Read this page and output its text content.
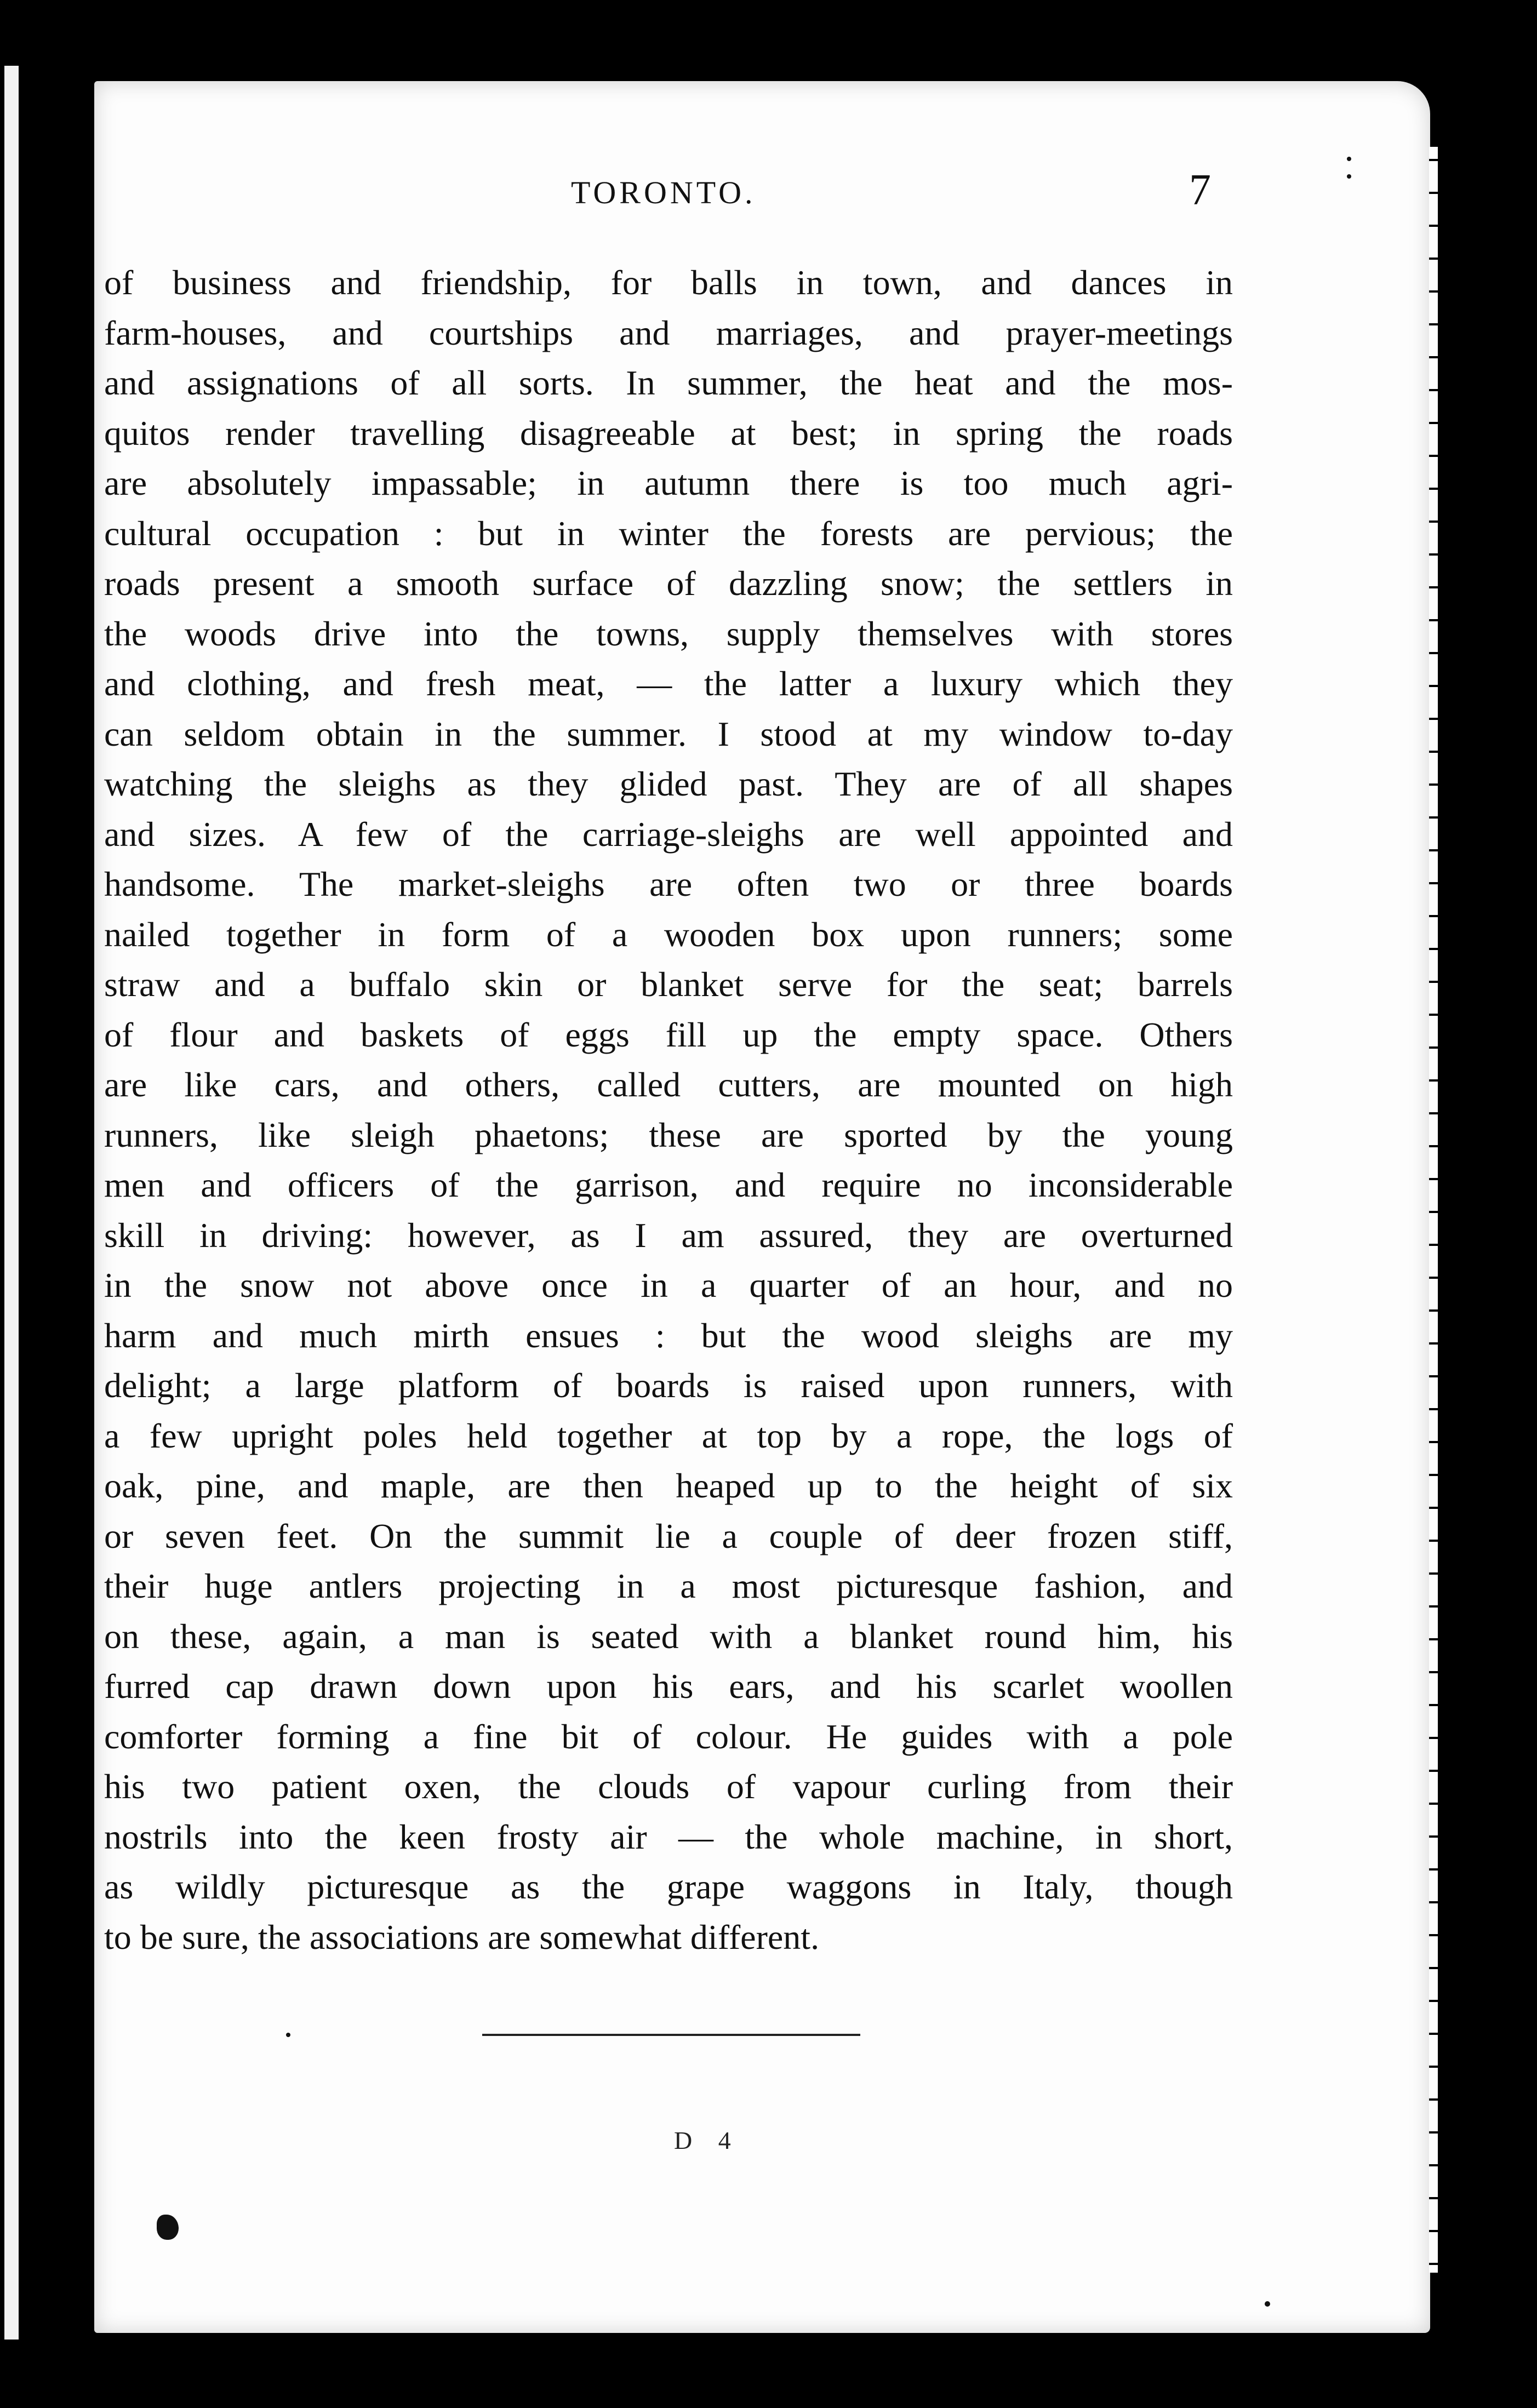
TORONTO.	7
of business and friendship, for balls in town, and dances in
farm-houses, and courtships and marriages, and prayer-meetings
and assignations of all sorts. In summer, the heat and the mos-
quitos render travelling disagreeable at best; in spring the roads
are absolutely impassable; in autumn there is too much agri-
cultural occupation : but in winter the forests are pervious; the
roads present a smooth surface of dazzling snow; the settlers in
the woods drive into the towns, supply themselves with stores
and clothing, and fresh meat, — the latter a luxury which they
can seldom obtain in the summer. I stood at my window to-day
watching the sleighs as they glided past. They are of all shapes
and sizes. A few of the carriage-sleighs are well appointed and
handsome. The market-sleighs are often two or three boards
nailed together in form of a wooden box upon runners; some
straw and a buffalo skin or blanket serve for the seat; barrels
of flour and baskets of eggs fill up the empty space. Others
are like cars, and others, called cutters, are mounted on high
runners, like sleigh phaetons; these are sported by the young
men and officers of the garrison, and require no inconsiderable
skill in driving: however, as I am assured, they are overturned
in the snow not above once in a quarter of an hour, and no
harm and much mirth ensues : but the wood sleighs are my
delight; a large platform of boards is raised upon runners, with
a few upright poles held together at top by a rope, the logs of
oak, pine, and maple, are then heaped up to the height of six
or seven feet. On the summit lie a couple of deer frozen stiff,
their huge antlers projecting in a most picturesque fashion, and
on these, again, a man is seated with a blanket round him, his
furred cap drawn down upon his ears, and his scarlet woollen
comforter forming a fine bit of colour. He guides with a pole
his two patient oxen, the clouds of vapour curling from their
nostrils into the keen frosty air — the whole machine, in short,
as wildly picturesque as the grape waggons in Italy, though
to be sure, the associations are somewhat different.
D 4
